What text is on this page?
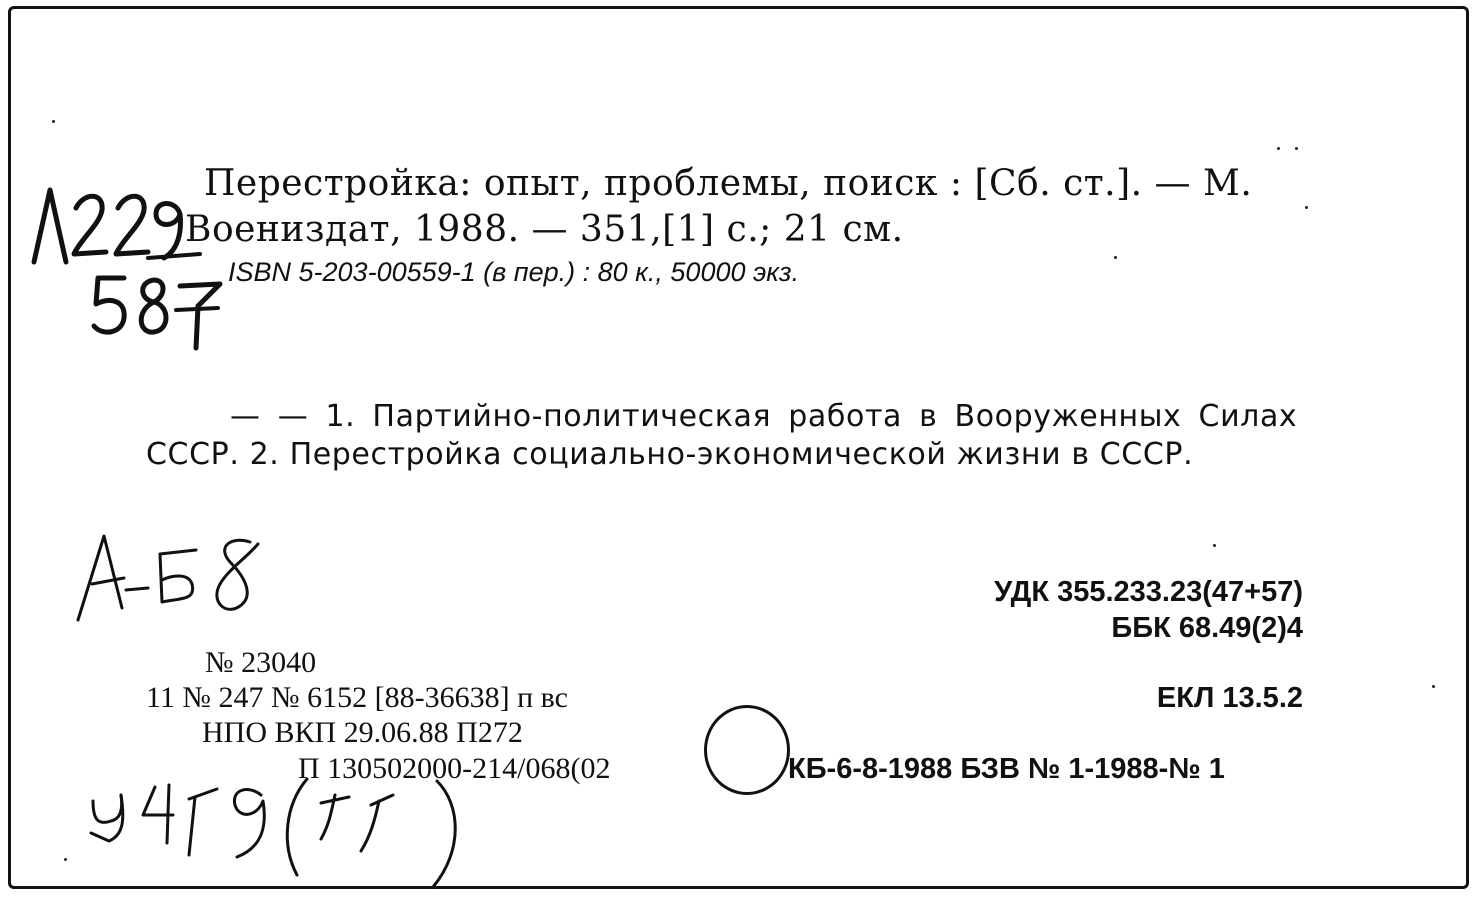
Перестройка: опыт, проблемы, поиск : [Сб. ст.]. — М.
Воениздат, 1988. — 351,[1] с.; 21 см.
ISBN 5-203-00559-1 (в пер.) : 80 к., 50000 экз.
— — 1. Партийно-политическая работа в Вооруженных Силах
СССР. 2. Перестройка социально-экономической жизни в СССР.
УДК 355.233.23(47+57)
ББК 68.49(2)4
ЕКЛ 13.5.2
№ 23040
11 № 247 № 6152 [88-36638] п вс
НПО ВКП 29.06.88 П272
П 130502000-214/068(02	КБ-6-8-1988 БЗВ № 1-1988-№ 1
